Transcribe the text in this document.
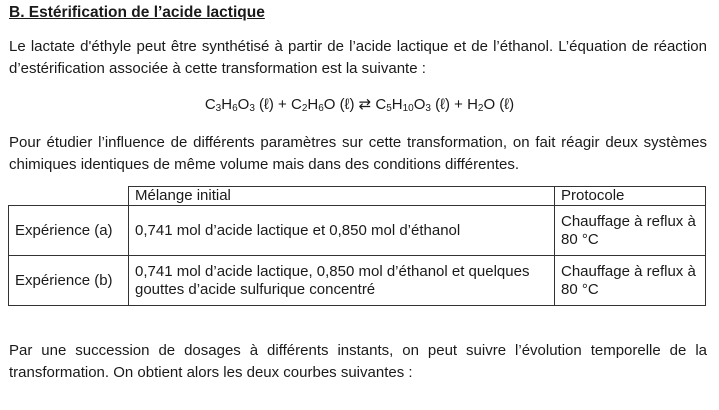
B. Estérification de l’acide lactique
Le lactate d'éthyle peut être synthétisé à partir de l’acide lactique et de l’éthanol. L’équation de réaction d’estérification associée à cette transformation est la suivante :
$C_3H_6O_3$ (ℓ) + $C_2H_6O$ (ℓ) ⇄ $C_5H_{10}O_3$ (ℓ) + $H_2O$ (ℓ)
Pour étudier l’influence de différents paramètres sur cette transformation, on fait réagir deux systèmes chimiques identiques de même volume mais dans des conditions différentes.
	Mélange initial	Protocole
Expérience (a)	0,741 mol d’acide lactique et 0,850 mol d’éthanol	Chauffage à reflux à 80 °C
Expérience (b)	0,741 mol d’acide lactique, 0,850 mol d’éthanol et quelques gouttes d’acide sulfurique concentré	Chauffage à reflux à 80 °C
Par une succession de dosages à différents instants, on peut suivre l’évolution temporelle de la transformation. On obtient alors les deux courbes suivantes :
